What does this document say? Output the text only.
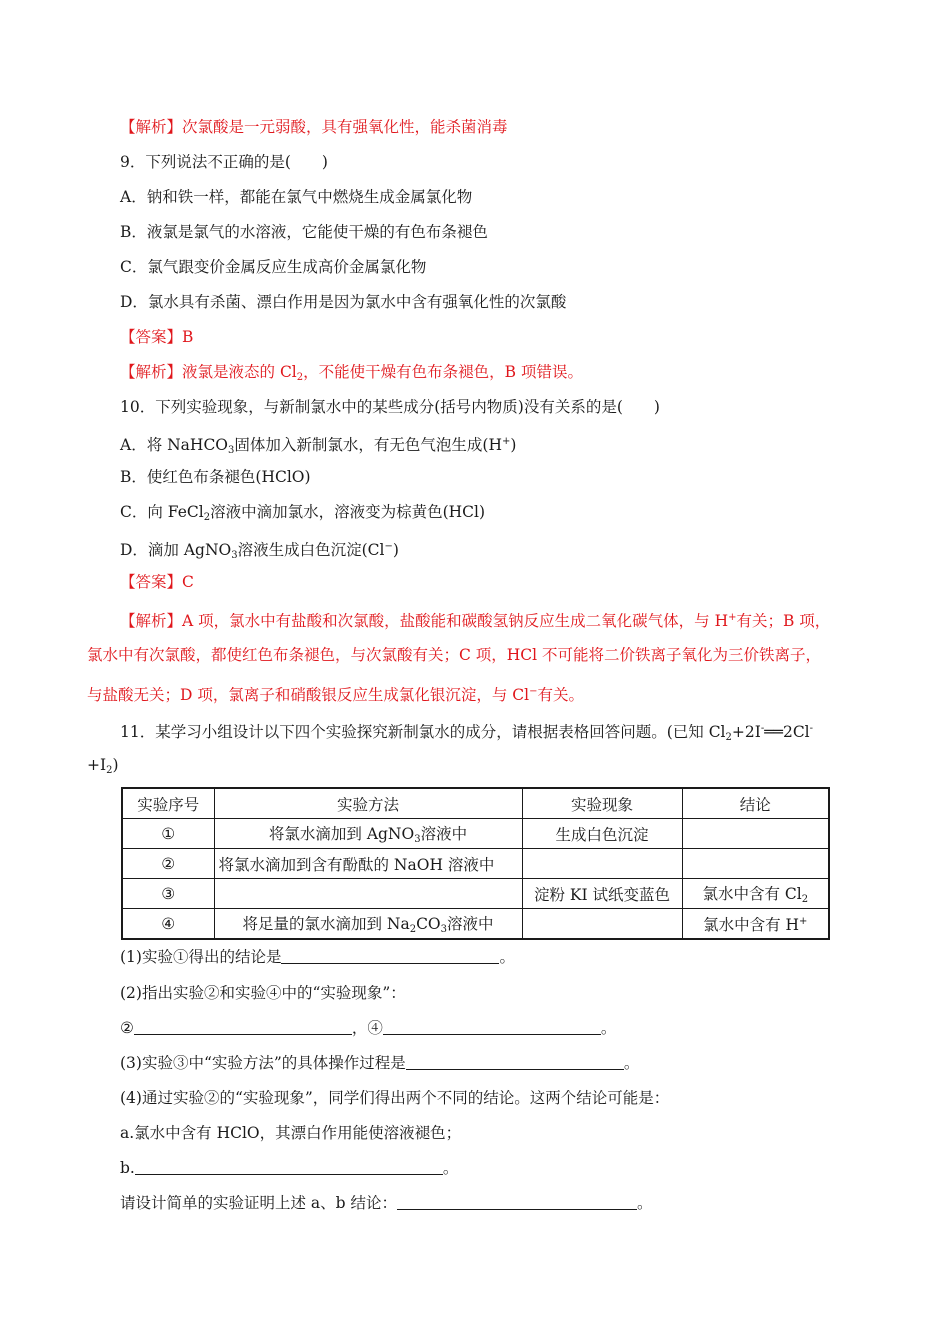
【解析】次氯酸是一元弱酸，具有强氧化性，能杀菌消毒
9．下列说法不正确的是(　　)
A．钠和铁一样，都能在氯气中燃烧生成金属氯化物
B．液氯是氯气的水溶液，它能使干燥的有色布条褪色
C．氯气跟变价金属反应生成高价金属氯化物
D．氯水具有杀菌、漂白作用是因为氯水中含有强氧化性的次氯酸
【答案】B
【解析】液氯是液态的 $Cl_2$，不能使干燥有色布条褪色，B 项错误。
10．下列实验现象，与新制氯水中的某些成分(括号内物质)没有关系的是(　　)
A．将 NaHCO$_3$固体加入新制氯水，有无色气泡生成(H+)
B．使红色布条褪色(HClO)
C．向 FeCl$_2$溶液中滴加氯水，溶液变为棕黄色(HCl)
D．滴加 AgNO$_3$溶液生成白色沉淀(Cl−)
【答案】C
【解析】A 项，氯水中有盐酸和次氯酸，盐酸能和碳酸氢钠反应生成二氧化碳气体，与 H+有关；B 项，
氯水中有次氯酸，都使红色布条褪色，与次氯酸有关；C 项，HCl 不可能将二价铁离子氧化为三价铁离子，
与盐酸无关；D 项，氯离子和硝酸银反应生成氯化银沉淀，与 Cl−有关。
11．某学习小组设计以下四个实验探究新制氯水的成分，请根据表格回答问题。(已知 $Cl_2+2I^-══2Cl^-$
$+I_2$)
实验序号	实验方法	实验现象	结论
①	将氯水滴加到 AgNO$_3$溶液中	生成白色沉淀	
②	将氯水滴加到含有酚酞的 NaOH 溶液中		
③		淀粉 KI 试纸变蓝色	氯水中含有 $Cl_2$
④	将足量的氯水滴加到 $Na_2CO_3$溶液中		氯水中含有 H+
(1)实验①得出的结论是	。
(2)指出实验②和实验④中的“实验现象”：
②	，④	。
(3)实验③中“实验方法”的具体操作过程是	。
(4)通过实验②的“实验现象”，同学们得出两个不同的结论。这两个结论可能是：
a.氯水中含有 HClO，其漂白作用能使溶液褪色；
b.	。
请设计简单的实验证明上述 a、b 结论：	。
